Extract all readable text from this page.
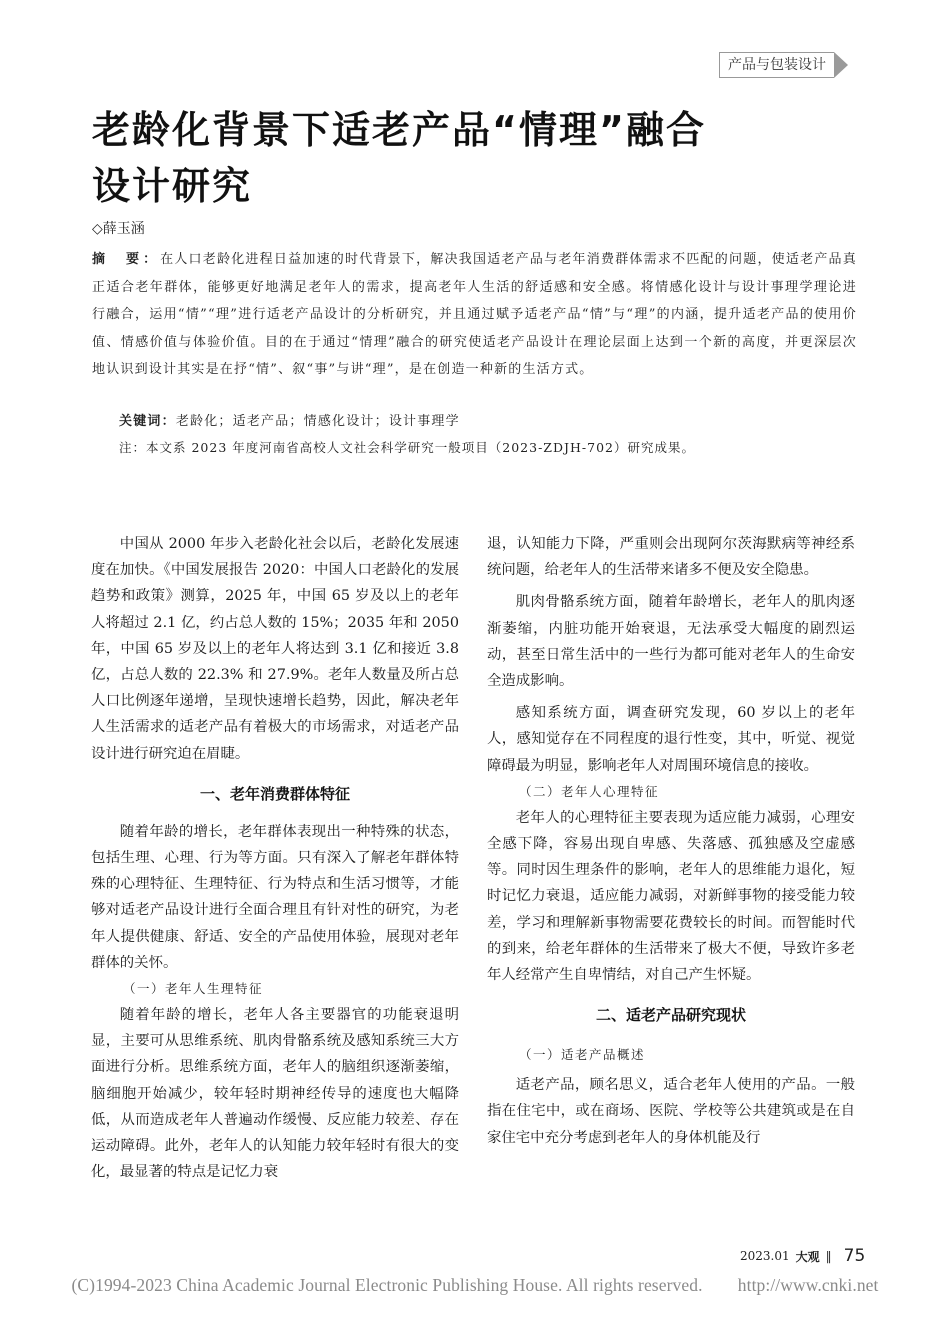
产品与包装设计
老龄化背景下适老产品“情理”融合
设计研究
◇薛玉涵
摘　要：在人口老龄化进程日益加速的时代背景下，解决我国适老产品与老年消费群体需求不匹配的问题，使适老产品真正适合老年群体，能够更好地满足老年人的需求，提高老年人生活的舒适感和安全感。将情感化设计与设计事理学理论进行融合，运用“情”“理”进行适老产品设计的分析研究，并且通过赋予适老产品“情”与“理”的内涵，提升适老产品的使用价值、情感价值与体验价值。目的在于通过“情理”融合的研究使适老产品设计在理论层面上达到一个新的高度，并更深层次地认识到设计其实是在抒“情”、叙“事”与讲“理”，是在创造一种新的生活方式。
关键词：老龄化；适老产品；情感化设计；设计事理学
注：本文系 2023 年度河南省高校人文社会科学研究一般项目（2023-ZDJH-702）研究成果。

中国从 2000 年步入老龄化社会以后，老龄化发展速度在加快。《中国发展报告 2020：中国人口老龄化的发展趋势和政策》测算，2025 年，中国 65 岁及以上的老年人将超过 2.1 亿，约占总人数的 15%；2035 年和 2050 年，中国 65 岁及以上的老年人将达到 3.1 亿和接近 3.8 亿，占总人数的 22.3% 和 27.9%。老年人数量及所占总人口比例逐年递增，呈现快速增长趋势，因此，解决老年人生活需求的适老产品有着极大的市场需求，对适老产品设计进行研究迫在眉睫。

一、老年消费群体特征

随着年龄的增长，老年群体表现出一种特殊的状态，包括生理、心理、行为等方面。只有深入了解老年群体特殊的心理特征、生理特征、行为特点和生活习惯等，才能够对适老产品设计进行全面合理且有针对性的研究，为老年人提供健康、舒适、安全的产品使用体验，展现对老年群体的关怀。

（一）老年人生理特征

随着年龄的增长，老年人各主要器官的功能衰退明显，主要可从思维系统、肌肉骨骼系统及感知系统三大方面进行分析。思维系统方面，老年人的脑组织逐渐萎缩，脑细胞开始减少，较年轻时期神经传导的速度也大幅降低，从而造成老年人普遍动作缓慢、反应能力较差、存在运动障碍。此外，老年人的认知能力较年轻时有很大的变化，最显著的特点是记忆力衰

退，认知能力下降，严重则会出现阿尔茨海默病等神经系统问题，给老年人的生活带来诸多不便及安全隐患。

肌肉骨骼系统方面，随着年龄增长，老年人的肌肉逐渐萎缩，内脏功能开始衰退，无法承受大幅度的剧烈运动，甚至日常生活中的一些行为都可能对老年人的生命安全造成影响。

感知系统方面，调查研究发现，60 岁以上的老年人，感知觉存在不同程度的退行性变，其中，听觉、视觉障碍最为明显，影响老年人对周围环境信息的接收。

（二）老年人心理特征

老年人的心理特征主要表现为适应能力减弱，心理安全感下降，容易出现自卑感、失落感、孤独感及空虚感等。同时因生理条件的影响，老年人的思维能力退化，短时记忆力衰退，适应能力减弱，对新鲜事物的接受能力较差，学习和理解新事物需要花费较长的时间。而智能时代的到来，给老年群体的生活带来了极大不便，导致许多老年人经常产生自卑情结，对自己产生怀疑。

二、适老产品研究现状
（一）适老产品概述

适老产品，顾名思义，适合老年人使用的产品。一般指在住宅中，或在商场、医院、学校等公共建筑或是在自家住宅中充分考虑到老年人的身体机能及行

2023.01 大观 ‖ 75
(C)1994-2023 China Academic Journal Electronic Publishing House. All rights reserved.　　http://www.cnki.net
